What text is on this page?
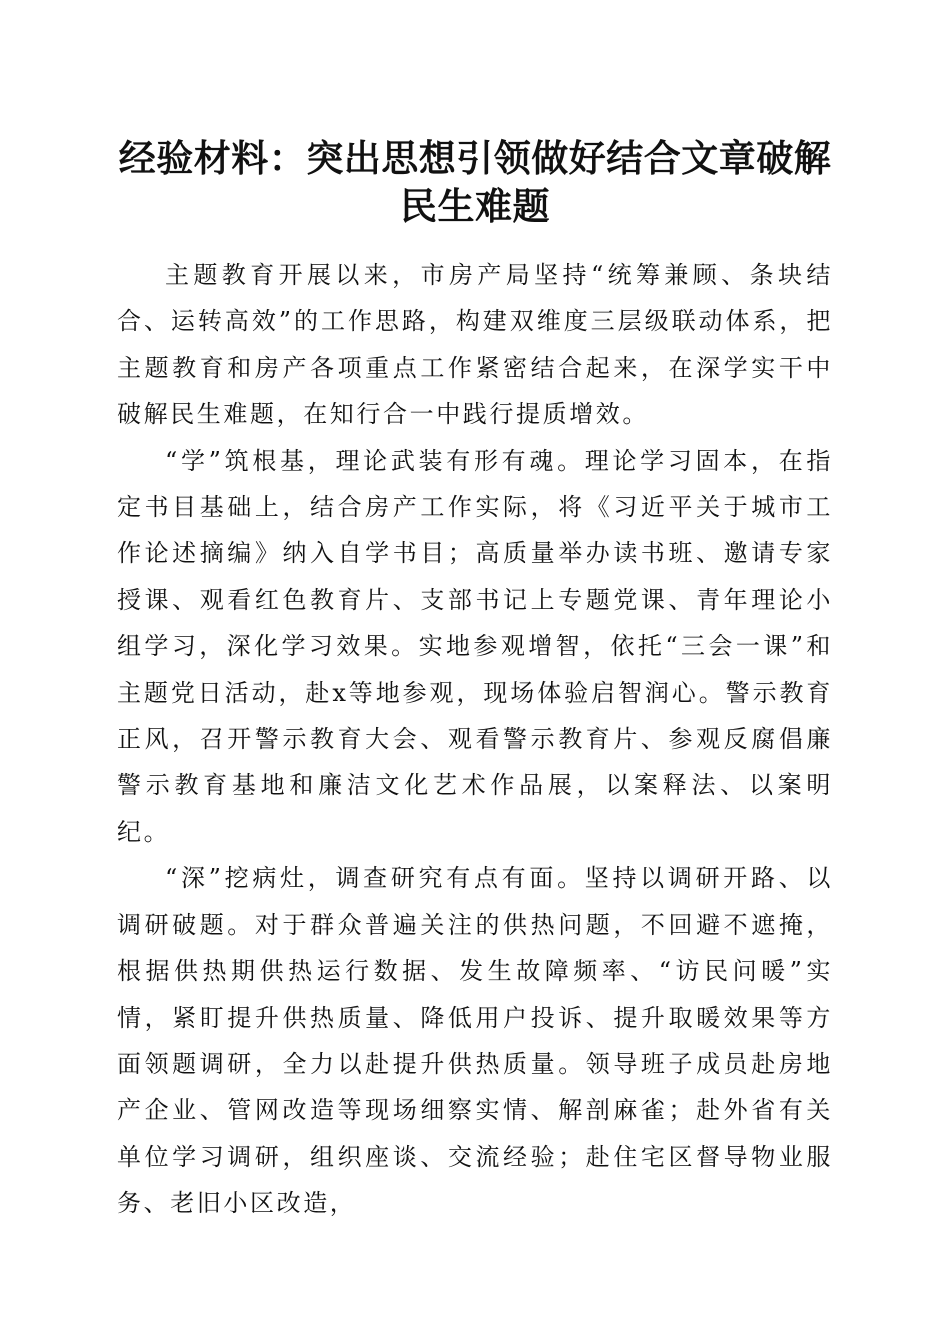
经验材料：突出思想引领做好结合文章破解民生难题

主题教育开展以来，市房产局坚持“统筹兼顾、条块结合、运转高效”的工作思路，构建双维度三层级联动体系，把主题教育和房产各项重点工作紧密结合起来，在深学实干中破解民生难题，在知行合一中践行提质增效。

“学”筑根基，理论武装有形有魂。理论学习固本，在指定书目基础上，结合房产工作实际，将《习近平关于城市工作论述摘编》纳入自学书目；高质量举办读书班、邀请专家授课、观看红色教育片、支部书记上专题党课、青年理论小组学习，深化学习效果。实地参观增智，依托“三会一课”和主题党日活动，赴x等地参观，现场体验启智润心。警示教育正风，召开警示教育大会、观看警示教育片、参观反腐倡廉警示教育基地和廉洁文化艺术作品展，以案释法、以案明纪。

“深”挖病灶，调查研究有点有面。坚持以调研开路、以调研破题。对于群众普遍关注的供热问题，不回避不遮掩，根据供热期供热运行数据、发生故障频率、“访民问暖”实情，紧盯提升供热质量、降低用户投诉、提升取暖效果等方面领题调研，全力以赴提升供热质量。领导班子成员赴房地产企业、管网改造等现场细察实情、解剖麻雀；赴外省有关单位学习调研，组织座谈、交流经验；赴住宅区督导物业服务、老旧小区改造，
